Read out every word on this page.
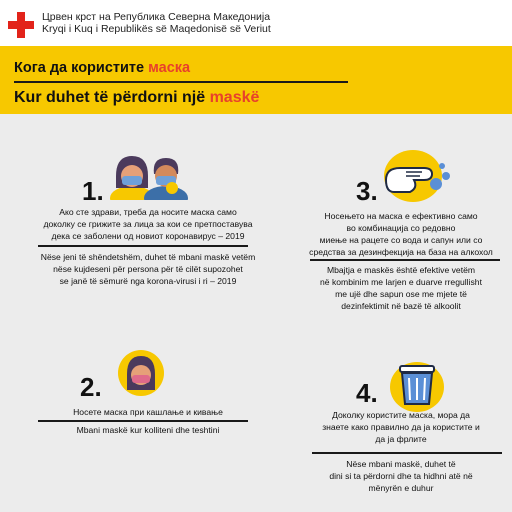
Црвен крст на Република Северна Македонија
Kryqi i Kuq i Republikës së Maqedonisë së Veriut
Кога да користите маска
Kur duhet të përdorni një maskë
1.
Ако сте здрави, треба да носите маска само
доколку се грижите за лица за кои се претпоставува
дека се заболени од новиот коронавирус – 2019
Nëse jeni të shëndetshëm, duhet të mbani maskë vetëm
nëse kujdeseni për persona për të cilët supozohet
se janë të sëmurë nga korona-virusi i ri – 2019
3.
Носењето на маска е ефективно само
во комбинација со редовно
миење на рацете со вода и сапун или со
средства за дезинфекција на база на алкохол
Mbajtja e maskës është efektive vetëm
në kombinim me larjen e duarve rregullisht
me ujë dhe sapun ose me mjete të
dezinfektimit në bazë të alkoolit
2.
Носете маска при кашлање и кивање
Mbani maskë kur kolliteni dhe teshtini
4.
Доколку користите маска, мора да
знаете како правилно да ја користите и
да ја фрлите
Nëse mbani maskë, duhet të
dini si ta përdorni dhe ta hidhni atë në
mënyrën e duhur
